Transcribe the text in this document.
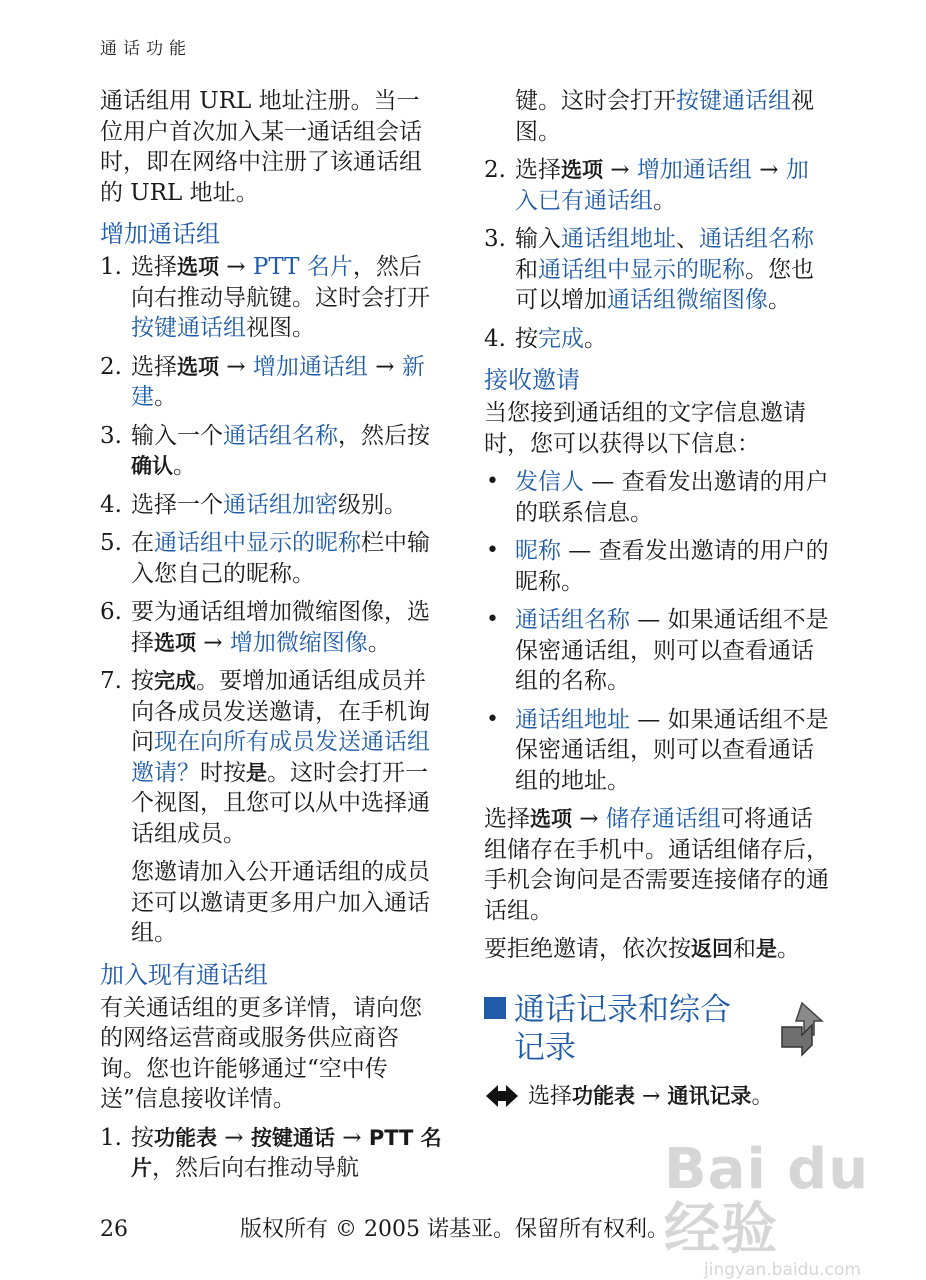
通话功能

通话组用 URL 地址注册。当一位用户首次加入某一通话组会话时，即在网络中注册了该通话组的 URL 地址。

增加通话组
1. 选择选项 → PTT 名片，然后向右推动导航键。这时会打开按键通话组视图。
2. 选择选项 → 增加通话组 → 新建。
3. 输入一个通话组名称，然后按确认。
4. 选择一个通话组加密级别。
5. 在通话组中显示的昵称栏中输入您自己的昵称。
6. 要为通话组增加微缩图像，选择选项 → 增加微缩图像。
7. 按完成。要增加通话组成员并向各成员发送邀请，在手机询问现在向所有成员发送通话组邀请？时按是。这时会打开一个视图，且您可以从中选择通话组成员。

您邀请加入公开通话组的成员还可以邀请更多用户加入通话组。

加入现有通话组

有关通话组的更多详情，请向您的网络运营商或服务供应商咨询。您也许能够通过“空中传送”信息接收详情。

1. 按功能表 → 按键通话 → PTT 名片，然后向右推动导航

键。这时会打开按键通话组视图。

2. 选择选项 → 增加通话组 → 加入已有通话组。
3. 输入通话组地址、通话组名称和通话组中显示的昵称。您也可以增加通话组微缩图像。
4. 按完成。
接收邀请

当您接到通话组的文字信息邀请时，您可以获得以下信息：

• 发信人 — 查看发出邀请的用户的联系信息。
• 昵称 — 查看发出邀请的用户的昵称。
• 通话组名称 — 如果通话组不是保密通话组，则可以查看通话组的名称。
• 通话组地址 — 如果通话组不是保密通话组，则可以查看通话组的地址。

选择选项 → 储存通话组可将通话组储存在手机中。通话组储存后，手机会询问是否需要连接储存的通话组。

要拒绝邀请，依次按返回和是。

通话记录和综合记录
选择功能表 → 通讯记录。
Bai du 经验
jingyan.baidu.com
26	版权所有 © 2005 诺基亚。保留所有权利。
